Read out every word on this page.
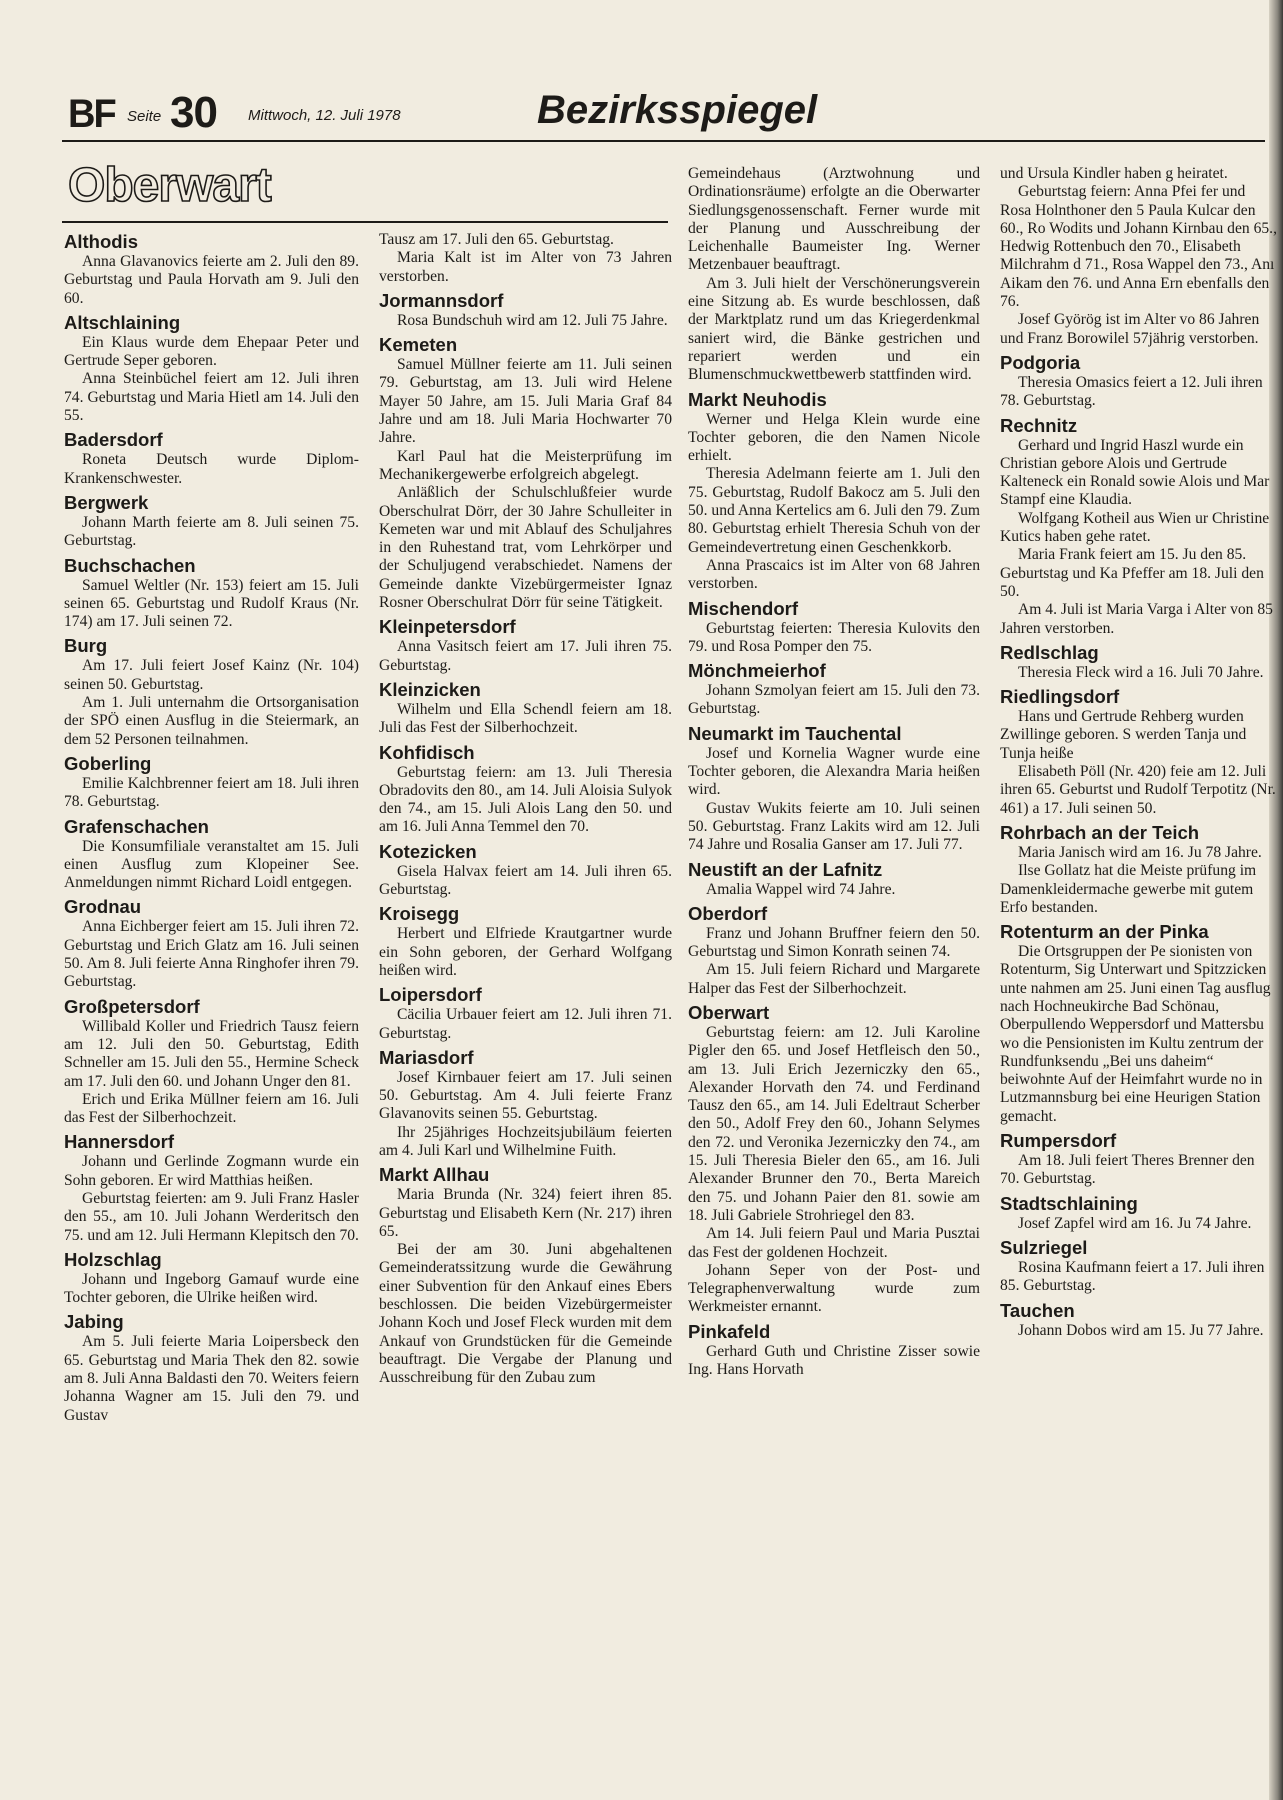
BF Seite 30 Mittwoch, 12. Juli 1978	Bezirksspiegel
Oberwart
Althodis

Anna Glavanovics feierte am 2. Juli den 89. Geburtstag und Paula Horvath am 9. Juli den 60.

Altschlaining

Ein Klaus wurde dem Ehepaar Peter und Gertrude Seper geboren.

Anna Steinbüchel feiert am 12. Juli ihren 74. Geburtstag und Maria Hietl am 14. Juli den 55.

Badersdorf

Roneta Deutsch wurde Diplom-Krankenschwester.

Bergwerk

Johann Marth feierte am 8. Juli seinen 75. Geburtstag.

Buchschachen

Samuel Weltler (Nr. 153) feiert am 15. Juli seinen 65. Geburtstag und Rudolf Kraus (Nr. 174) am 17. Juli seinen 72.

Burg

Am 17. Juli feiert Josef Kainz (Nr. 104) seinen 50. Geburtstag.

Am 1. Juli unternahm die Ortsorganisation der SPÖ einen Ausflug in die Steiermark, an dem 52 Personen teilnahmen.

Goberling

Emilie Kalchbrenner feiert am 18. Juli ihren 78. Geburtstag.

Grafenschachen

Die Konsumfiliale veranstaltet am 15. Juli einen Ausflug zum Klopeiner See. Anmeldungen nimmt Richard Loidl entgegen.

Grodnau

Anna Eichberger feiert am 15. Juli ihren 72. Geburtstag und Erich Glatz am 16. Juli seinen 50. Am 8. Juli feierte Anna Ringhofer ihren 79. Geburtstag.

Großpetersdorf

Willibald Koller und Friedrich Tausz feiern am 12. Juli den 50. Geburtstag, Edith Schneller am 15. Juli den 55., Hermine Scheck am 17. Juli den 60. und Johann Unger den 81.

Erich und Erika Müllner feiern am 16. Juli das Fest der Silberhochzeit.

Hannersdorf

Johann und Gerlinde Zogmann wurde ein Sohn geboren. Er wird Matthias heißen.

Geburtstag feierten: am 9. Juli Franz Hasler den 55., am 10. Juli Johann Werderitsch den 75. und am 12. Juli Hermann Klepitsch den 70.

Holzschlag

Johann und Ingeborg Gamauf wurde eine Tochter geboren, die Ulrike heißen wird.

Jabing

Am 5. Juli feierte Maria Loipersbeck den 65. Geburtstag und Maria Thek den 82. sowie am 8. Juli Anna Baldasti den 70. Weiters feiern Johanna Wagner am 15. Juli den 79. und Gustav

Tausz am 17. Juli den 65. Geburtstag.

Maria Kalt ist im Alter von 73 Jahren verstorben.

Jormannsdorf

Rosa Bundschuh wird am 12. Juli 75 Jahre.

Kemeten

Samuel Müllner feierte am 11. Juli seinen 79. Geburtstag, am 13. Juli wird Helene Mayer 50 Jahre, am 15. Juli Maria Graf 84 Jahre und am 18. Juli Maria Hochwarter 70 Jahre.

Karl Paul hat die Meisterprüfung im Mechanikergewerbe erfolgreich abgelegt.

Anläßlich der Schulschlußfeier wurde Oberschulrat Dörr, der 30 Jahre Schulleiter in Kemeten war und mit Ablauf des Schuljahres in den Ruhestand trat, vom Lehrkörper und der Schuljugend verabschiedet. Namens der Gemeinde dankte Vizebürgermeister Ignaz Rosner Oberschulrat Dörr für seine Tätigkeit.

Kleinpetersdorf

Anna Vasitsch feiert am 17. Juli ihren 75. Geburtstag.

Kleinzicken

Wilhelm und Ella Schendl feiern am 18. Juli das Fest der Silberhochzeit.

Kohfidisch

Geburtstag feiern: am 13. Juli Theresia Obradovits den 80., am 14. Juli Aloisia Sulyok den 74., am 15. Juli Alois Lang den 50. und am 16. Juli Anna Temmel den 70.

Kotezicken

Gisela Halvax feiert am 14. Juli ihren 65. Geburtstag.

Kroisegg

Herbert und Elfriede Krautgartner wurde ein Sohn geboren, der Gerhard Wolfgang heißen wird.

Loipersdorf

Cäcilia Urbauer feiert am 12. Juli ihren 71. Geburtstag.

Mariasdorf

Josef Kirnbauer feiert am 17. Juli seinen 50. Geburtstag. Am 4. Juli feierte Franz Glavanovits seinen 55. Geburtstag.

Ihr 25jähriges Hochzeitsjubiläum feierten am 4. Juli Karl und Wilhelmine Fuith.

Markt Allhau

Maria Brunda (Nr. 324) feiert ihren 85. Geburtstag und Elisabeth Kern (Nr. 217) ihren 65.

Bei der am 30. Juni abgehaltenen Gemeinderatssitzung wurde die Gewährung einer Subvention für den Ankauf eines Ebers beschlossen. Die beiden Vizebürgermeister Johann Koch und Josef Fleck wurden mit dem Ankauf von Grundstücken für die Gemeinde beauftragt. Die Vergabe der Planung und Ausschreibung für den Zubau zum

Gemeindehaus (Arztwohnung und Ordinationsräume) erfolgte an die Oberwarter Siedlungsgenossenschaft. Ferner wurde mit der Planung und Ausschreibung der Leichenhalle Baumeister Ing. Werner Metzenbauer beauftragt.

Am 3. Juli hielt der Verschönerungsverein eine Sitzung ab. Es wurde beschlossen, daß der Marktplatz rund um das Kriegerdenkmal saniert wird, die Bänke gestrichen und repariert werden und ein Blumenschmuckwettbewerb stattfinden wird.

Markt Neuhodis

Werner und Helga Klein wurde eine Tochter geboren, die den Namen Nicole erhielt.

Theresia Adelmann feierte am 1. Juli den 75. Geburtstag, Rudolf Bakocz am 5. Juli den 50. und Anna Kertelics am 6. Juli den 79. Zum 80. Geburtstag erhielt Theresia Schuh von der Gemeindevertretung einen Geschenkkorb.

Anna Prascaics ist im Alter von 68 Jahren verstorben.

Mischendorf

Geburtstag feierten: Theresia Kulovits den 79. und Rosa Pomper den 75.

Mönchmeierhof

Johann Szmolyan feiert am 15. Juli den 73. Geburtstag.

Neumarkt im Tauchental

Josef und Kornelia Wagner wurde eine Tochter geboren, die Alexandra Maria heißen wird.

Gustav Wukits feierte am 10. Juli seinen 50. Geburtstag. Franz Lakits wird am 12. Juli 74 Jahre und Rosalia Ganser am 17. Juli 77.

Neustift an der Lafnitz

Amalia Wappel wird 74 Jahre.

Oberdorf

Franz und Johann Bruffner feiern den 50. Geburtstag und Simon Konrath seinen 74.

Am 15. Juli feiern Richard und Margarete Halper das Fest der Silberhochzeit.

Oberwart

Geburtstag feiern: am 12. Juli Karoline Pigler den 65. und Josef Hetfleisch den 50., am 13. Juli Erich Jezerniczky den 65., Alexander Horvath den 74. und Ferdinand Tausz den 65., am 14. Juli Edeltraut Scherber den 50., Adolf Frey den 60., Johann Selymes den 72. und Veronika Jezerniczky den 74., am 15. Juli Theresia Bieler den 65., am 16. Juli Alexander Brunner den 70., Berta Mareich den 75. und Johann Paier den 81. sowie am 18. Juli Gabriele Strohriegel den 83.

Am 14. Juli feiern Paul und Maria Pusztai das Fest der goldenen Hochzeit.

Johann Seper von der Post- und Telegraphenverwaltung wurde zum Werkmeister ernannt.

Pinkafeld

Gerhard Guth und Christine Zisser sowie Ing. Hans Horvath

und Ursula Kindler haben g heiratet.

Geburtstag feiern: Anna Pfei fer und Rosa Holnthoner den 5 Paula Kulcar den 60., Ro Wodits und Johann Kirnbau den 65., Hedwig Rottenbuch den 70., Elisabeth Milchrahm d 71., Rosa Wappel den 73., Anı Aikam den 76. und Anna Ern ebenfalls den 76.

Josef Györög ist im Alter vo 86 Jahren und Franz Borowilel 57jährig verstorben.

Podgoria

Theresia Omasics feiert a 12. Juli ihren 78. Geburtstag.

Rechnitz

Gerhard und Ingrid Haszl wurde ein Christian gebore Alois und Gertrude Kalteneck ein Ronald sowie Alois und Mar Stampf eine Klaudia.

Wolfgang Kotheil aus Wien ur Christine Kutics haben gehe ratet.

Maria Frank feiert am 15. Ju den 85. Geburtstag und Ka Pfeffer am 18. Juli den 50.

Am 4. Juli ist Maria Varga i Alter von 85 Jahren verstorben.

Redlschlag

Theresia Fleck wird a 16. Juli 70 Jahre.

Riedlingsdorf

Hans und Gertrude Rehberg wurden Zwillinge geboren. S werden Tanja und Tunja heiße

Elisabeth Pöll (Nr. 420) feie am 12. Juli ihren 65. Geburtst und Rudolf Terpotitz (Nr. 461) a 17. Juli seinen 50.

Rohrbach an der Teich

Maria Janisch wird am 16. Ju 78 Jahre.

Ilse Gollatz hat die Meiste prüfung im Damenkleidermache gewerbe mit gutem Erfo bestanden.

Rotenturm an der Pinka

Die Ortsgruppen der Pe sionisten von Rotenturm, Sig Unterwart und Spitzzicken unte nahmen am 25. Juni einen Tag ausflug nach Hochneukirche Bad Schönau, Oberpullendo Weppersdorf und Mattersbu wo die Pensionisten im Kultu zentrum der Rundfunksendu „Bei uns daheim“ beiwohnte Auf der Heimfahrt wurde no in Lutzmannsburg bei eine Heurigen Station gemacht.

Rumpersdorf

Am 18. Juli feiert Theres Brenner den 70. Geburtstag.

Stadtschlaining

Josef Zapfel wird am 16. Ju 74 Jahre.

Sulzriegel

Rosina Kaufmann feiert a 17. Juli ihren 85. Geburtstag.

Tauchen

Johann Dobos wird am 15. Ju 77 Jahre.
